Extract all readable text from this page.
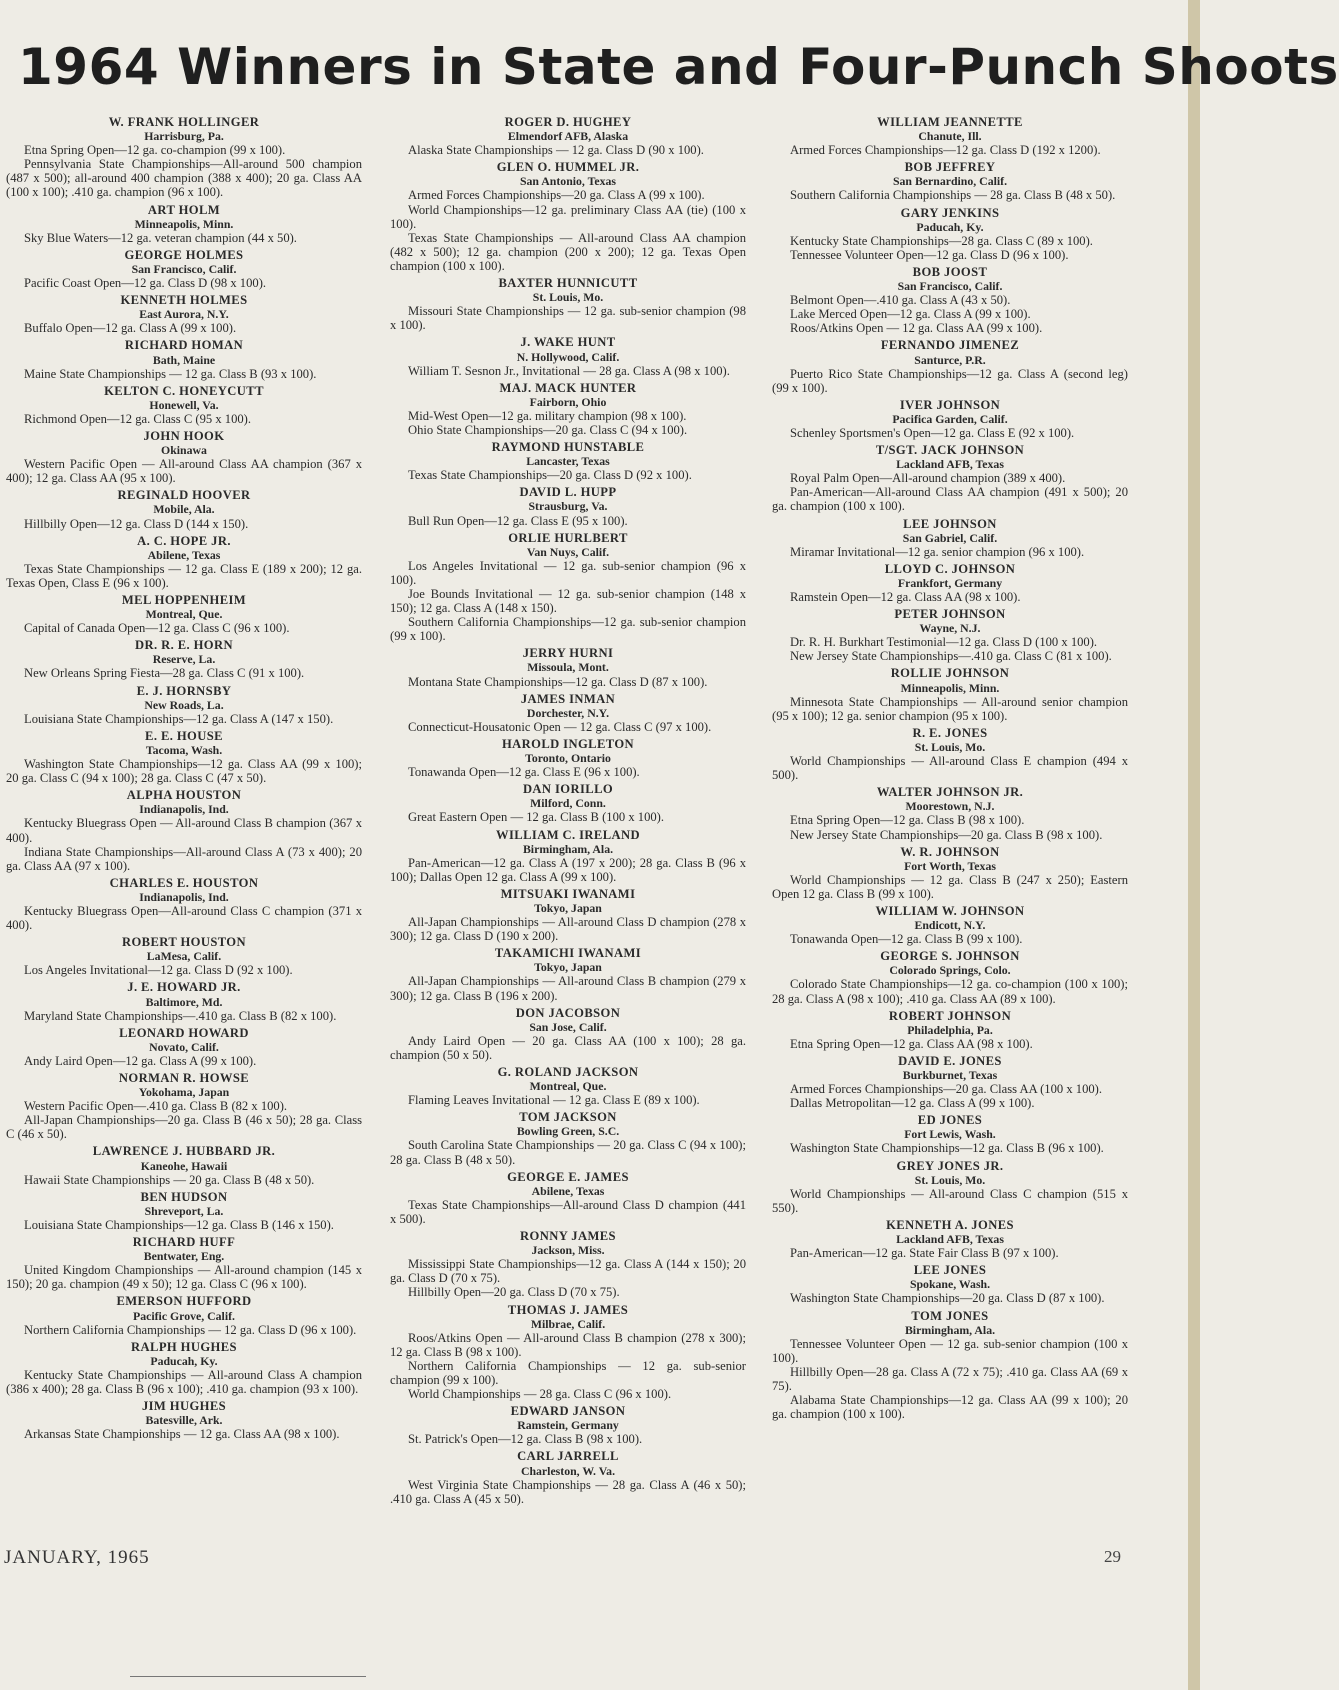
1964 Winners in State and Four-Punch Shoots
W. FRANK HOLLINGER
Harrisburg, Pa.
Etna Spring Open—12 ga. co-champion (99 x 100).
Pennsylvania State Championships—All-around 500 champion (487 x 500); all-around 400 champion (388 x 400); 20 ga. Class AA (100 x 100); .410 ga. champion (96 x 100).
ART HOLM
Minneapolis, Minn.
Sky Blue Waters—12 ga. veteran champion (44 x 50).
GEORGE HOLMES
San Francisco, Calif.
Pacific Coast Open—12 ga. Class D (98 x 100).
KENNETH HOLMES
East Aurora, N.Y.
Buffalo Open—12 ga. Class A (99 x 100).
RICHARD HOMAN
Bath, Maine
Maine State Championships — 12 ga. Class B (93 x 100).
KELTON C. HONEYCUTT
Honewell, Va.
Richmond Open—12 ga. Class C (95 x 100).
JOHN HOOK
Okinawa
Western Pacific Open — All-around Class AA champion (367 x 400); 12 ga. Class AA (95 x 100).
REGINALD HOOVER
Mobile, Ala.
Hillbilly Open—12 ga. Class D (144 x 150).
A. C. HOPE JR.
Abilene, Texas
Texas State Championships — 12 ga. Class E (189 x 200); 12 ga. Texas Open, Class E (96 x 100).
MEL HOPPENHEIM
Montreal, Que.
Capital of Canada Open—12 ga. Class C (96 x 100).
DR. R. E. HORN
Reserve, La.
New Orleans Spring Fiesta—28 ga. Class C (91 x 100).
E. J. HORNSBY
New Roads, La.
Louisiana State Championships—12 ga. Class A (147 x 150).
E. E. HOUSE
Tacoma, Wash.
Washington State Championships—12 ga. Class AA (99 x 100); 20 ga. Class C (94 x 100); 28 ga. Class C (47 x 50).
ALPHA HOUSTON
Indianapolis, Ind.
Kentucky Bluegrass Open — All-around Class B champion (367 x 400).
Indiana State Championships—All-around Class A (73 x 400); 20 ga. Class AA (97 x 100).
CHARLES E. HOUSTON
Indianapolis, Ind.
Kentucky Bluegrass Open—All-around Class C champion (371 x 400).
ROBERT HOUSTON
LaMesa, Calif.
Los Angeles Invitational—12 ga. Class D (92 x 100).
J. E. HOWARD JR.
Baltimore, Md.
Maryland State Championships—.410 ga. Class B (82 x 100).
LEONARD HOWARD
Novato, Calif.
Andy Laird Open—12 ga. Class A (99 x 100).
NORMAN R. HOWSE
Yokohama, Japan
Western Pacific Open—.410 ga. Class B (82 x 100).
All-Japan Championships—20 ga. Class B (46 x 50); 28 ga. Class C (46 x 50).
LAWRENCE J. HUBBARD JR.
Kaneohe, Hawaii
Hawaii State Championships — 20 ga. Class B (48 x 50).
BEN HUDSON
Shreveport, La.
Louisiana State Championships—12 ga. Class B (146 x 150).
RICHARD HUFF
Bentwater, Eng.
United Kingdom Championships — All-around champion (145 x 150); 20 ga. champion (49 x 50); 12 ga. Class C (96 x 100).
EMERSON HUFFORD
Pacific Grove, Calif.
Northern California Championships — 12 ga. Class D (96 x 100).
RALPH HUGHES
Paducah, Ky.
Kentucky State Championships — All-around Class A champion (386 x 400); 28 ga. Class B (96 x 100); .410 ga. champion (93 x 100).
JIM HUGHES
Batesville, Ark.
Arkansas State Championships — 12 ga. Class AA (98 x 100).
ROGER D. HUGHEY
Elmendorf AFB, Alaska
Alaska State Championships — 12 ga. Class D (90 x 100).
GLEN O. HUMMEL JR.
San Antonio, Texas
Armed Forces Championships—20 ga. Class A (99 x 100).
World Championships—12 ga. preliminary Class AA (tie) (100 x 100).
Texas State Championships — All-around Class AA champion (482 x 500); 12 ga. champion (200 x 200); 12 ga. Texas Open champion (100 x 100).
BAXTER HUNNICUTT
St. Louis, Mo.
Missouri State Championships — 12 ga. sub-senior champion (98 x 100).
J. WAKE HUNT
N. Hollywood, Calif.
William T. Sesnon Jr., Invitational — 28 ga. Class A (98 x 100).
MAJ. MACK HUNTER
Fairborn, Ohio
Mid-West Open—12 ga. military champion (98 x 100).
Ohio State Championships—20 ga. Class C (94 x 100).
RAYMOND HUNSTABLE
Lancaster, Texas
Texas State Championships—20 ga. Class D (92 x 100).
DAVID L. HUPP
Strausburg, Va.
Bull Run Open—12 ga. Class E (95 x 100).
ORLIE HURLBERT
Van Nuys, Calif.
Los Angeles Invitational — 12 ga. sub-senior champion (96 x 100).
Joe Bounds Invitational — 12 ga. sub-senior champion (148 x 150); 12 ga. Class A (148 x 150).
Southern California Championships—12 ga. sub-senior champion (99 x 100).
JERRY HURNI
Missoula, Mont.
Montana State Championships—12 ga. Class D (87 x 100).
JAMES INMAN
Dorchester, N.Y.
Connecticut-Housatonic Open — 12 ga. Class C (97 x 100).
HAROLD INGLETON
Toronto, Ontario
Tonawanda Open—12 ga. Class E (96 x 100).
DAN IORILLO
Milford, Conn.
Great Eastern Open — 12 ga. Class B (100 x 100).
WILLIAM C. IRELAND
Birmingham, Ala.
Pan-American—12 ga. Class A (197 x 200); 28 ga. Class B (96 x 100); Dallas Open 12 ga. Class A (99 x 100).
MITSUAKI IWANAMI
Tokyo, Japan
All-Japan Championships — All-around Class D champion (278 x 300); 12 ga. Class D (190 x 200).
TAKAMICHI IWANAMI
Tokyo, Japan
All-Japan Championships — All-around Class B champion (279 x 300); 12 ga. Class B (196 x 200).
DON JACOBSON
San Jose, Calif.
Andy Laird Open — 20 ga. Class AA (100 x 100); 28 ga. champion (50 x 50).
G. ROLAND JACKSON
Montreal, Que.
Flaming Leaves Invitational — 12 ga. Class E (89 x 100).
TOM JACKSON
Bowling Green, S.C.
South Carolina State Championships — 20 ga. Class C (94 x 100); 28 ga. Class B (48 x 50).
GEORGE E. JAMES
Abilene, Texas
Texas State Championships—All-around Class D champion (441 x 500).
RONNY JAMES
Jackson, Miss.
Mississippi State Championships—12 ga. Class A (144 x 150); 20 ga. Class D (70 x 75).
Hillbilly Open—20 ga. Class D (70 x 75).
THOMAS J. JAMES
Milbrae, Calif.
Roos/Atkins Open — All-around Class B champion (278 x 300); 12 ga. Class B (98 x 100).
Northern California Championships — 12 ga. sub-senior champion (99 x 100).
World Championships — 28 ga. Class C (96 x 100).
EDWARD JANSON
Ramstein, Germany
St. Patrick's Open—12 ga. Class B (98 x 100).
CARL JARRELL
Charleston, W. Va.
West Virginia State Championships — 28 ga. Class A (46 x 50); .410 ga. Class A (45 x 50).
WILLIAM JEANNETTE
Chanute, Ill.
Armed Forces Championships—12 ga. Class D (192 x 1200).
BOB JEFFREY
San Bernardino, Calif.
Southern California Championships — 28 ga. Class B (48 x 50).
GARY JENKINS
Paducah, Ky.
Kentucky State Championships—28 ga. Class C (89 x 100).
Tennessee Volunteer Open—12 ga. Class D (96 x 100).
BOB JOOST
San Francisco, Calif.
Belmont Open—.410 ga. Class A (43 x 50).
Lake Merced Open—12 ga. Class A (99 x 100).
Roos/Atkins Open — 12 ga. Class AA (99 x 100).
FERNANDO JIMENEZ
Santurce, P.R.
Puerto Rico State Championships—12 ga. Class A (second leg) (99 x 100).
IVER JOHNSON
Pacifica Garden, Calif.
Schenley Sportsmen's Open—12 ga. Class E (92 x 100).
T/SGT. JACK JOHNSON
Lackland AFB, Texas
Royal Palm Open—All-around champion (389 x 400).
Pan-American—All-around Class AA champion (491 x 500); 20 ga. champion (100 x 100).
LEE JOHNSON
San Gabriel, Calif.
Miramar Invitational—12 ga. senior champion (96 x 100).
LLOYD C. JOHNSON
Frankfort, Germany
Ramstein Open—12 ga. Class AA (98 x 100).
PETER JOHNSON
Wayne, N.J.
Dr. R. H. Burkhart Testimonial—12 ga. Class D (100 x 100).
New Jersey State Championships—.410 ga. Class C (81 x 100).
ROLLIE JOHNSON
Minneapolis, Minn.
Minnesota State Championships — All-around senior champion (95 x 100); 12 ga. senior champion (95 x 100).
R. E. JONES
St. Louis, Mo.
World Championships — All-around Class E champion (494 x 500).
WALTER JOHNSON JR.
Moorestown, N.J.
Etna Spring Open—12 ga. Class B (98 x 100).
New Jersey State Championships—20 ga. Class B (98 x 100).
W. R. JOHNSON
Fort Worth, Texas
World Championships — 12 ga. Class B (247 x 250); Eastern Open 12 ga. Class B (99 x 100).
WILLIAM W. JOHNSON
Endicott, N.Y.
Tonawanda Open—12 ga. Class B (99 x 100).
GEORGE S. JOHNSON
Colorado Springs, Colo.
Colorado State Championships—12 ga. co-champion (100 x 100); 28 ga. Class A (98 x 100); .410 ga. Class AA (89 x 100).
ROBERT JOHNSON
Philadelphia, Pa.
Etna Spring Open—12 ga. Class AA (98 x 100).
DAVID E. JONES
Burkburnet, Texas
Armed Forces Championships—20 ga. Class AA (100 x 100).
Dallas Metropolitan—12 ga. Class A (99 x 100).
ED JONES
Fort Lewis, Wash.
Washington State Championships—12 ga. Class B (96 x 100).
GREY JONES JR.
St. Louis, Mo.
World Championships — All-around Class C champion (515 x 550).
KENNETH A. JONES
Lackland AFB, Texas
Pan-American—12 ga. State Fair Class B (97 x 100).
LEE JONES
Spokane, Wash.
Washington State Championships—20 ga. Class D (87 x 100).
TOM JONES
Birmingham, Ala.
Tennessee Volunteer Open — 12 ga. sub-senior champion (100 x 100).
Hillbilly Open—28 ga. Class A (72 x 75); .410 ga. Class AA (69 x 75).
Alabama State Championships—12 ga. Class AA (99 x 100); 20 ga. champion (100 x 100).
JANUARY, 1965	29
